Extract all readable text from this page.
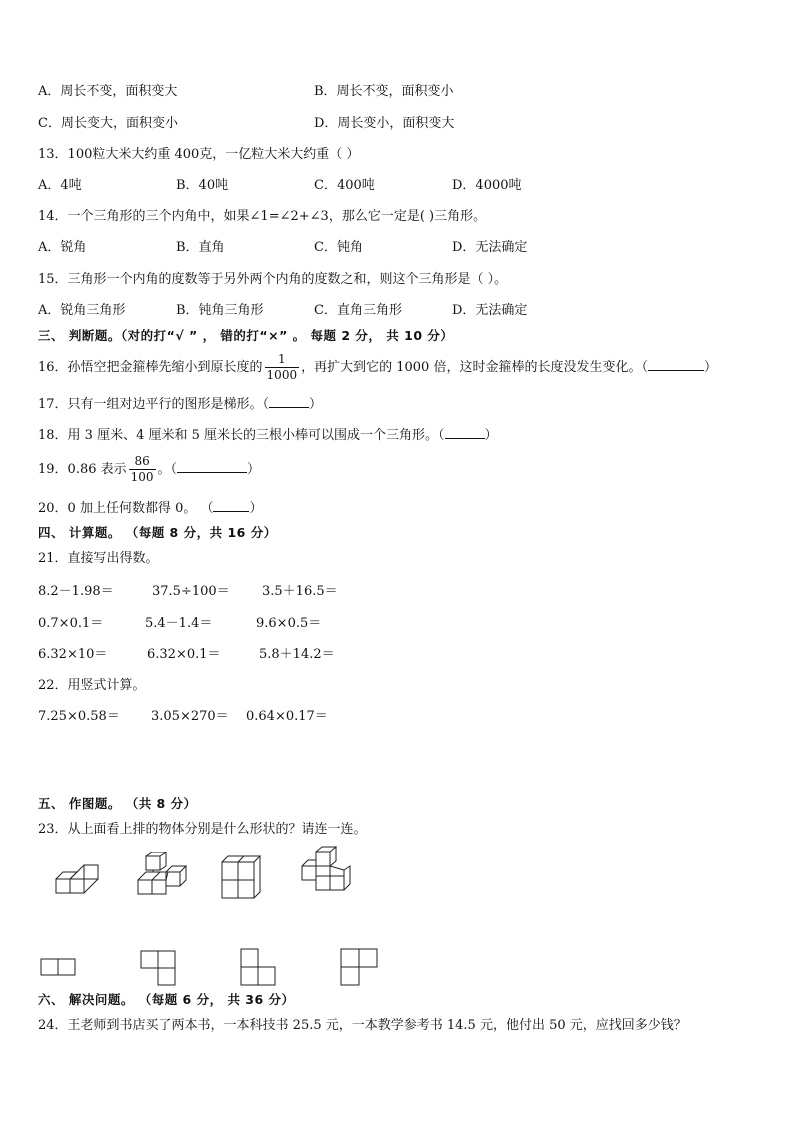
A．周长不变，面积变大	B．周长不变，面积变小
C．周长变大，面积变小	D．周长变小，面积变大
13．100粒大米大约重 400克，一亿粒大米大约重（ ）
A．4吨	B．40吨	C．400吨	D．4000吨
14．一个三角形的三个内角中，如果∠1=∠2+∠3，那么它一定是( )三角形。
A．锐角	B．直角	C．钝角	D．无法确定
15．三角形一个内角的度数等于另外两个内角的度数之和，则这个三角形是（ ）。
A．锐角三角形	B．钝角三角形	C．直角三角形	D．无法确定
三、 判断题。（对的打“√ ” ， 错的打“×” 。 每题 2 分， 共 10 分）
16．孙悟空把金箍棒先缩小到原长度的 $\frac{1}{1000}$ ，再扩大到它的 1000 倍，这时金箍棒的长度没发生变化。（	）
17．只有一组对边平行的图形是梯形。（	）
18．用 3 厘米、4 厘米和 5 厘米长的三根小棒可以围成一个三角形。（	）
19．0.86 表示 $\frac{86}{100}$ 。（	）
20．0 加上任何数都得 0。 （	）
四、 计算题。 （每题 8 分，共 16 分）
21．直接写出得数。
8.2－1.98＝	37.5÷100＝ 3.5＋16.5＝
0.7×0.1＝	5.4－1.4＝	9.6×0.5＝
6.32×10＝	6.32×0.1＝	5.8＋14.2＝
22．用竖式计算。
7.25×0.58＝ 3.05×270＝ 0.64×0.17＝
五、 作图题。 （共 8 分）
23．从上面看上排的物体分别是什么形状的？请连一连。
六、 解决问题。 （每题 6 分， 共 36 分）
24．王老师到书店买了两本书，一本科技书 25.5 元，一本教学参考书 14.5 元，他付出 50 元，应找回多少钱？
